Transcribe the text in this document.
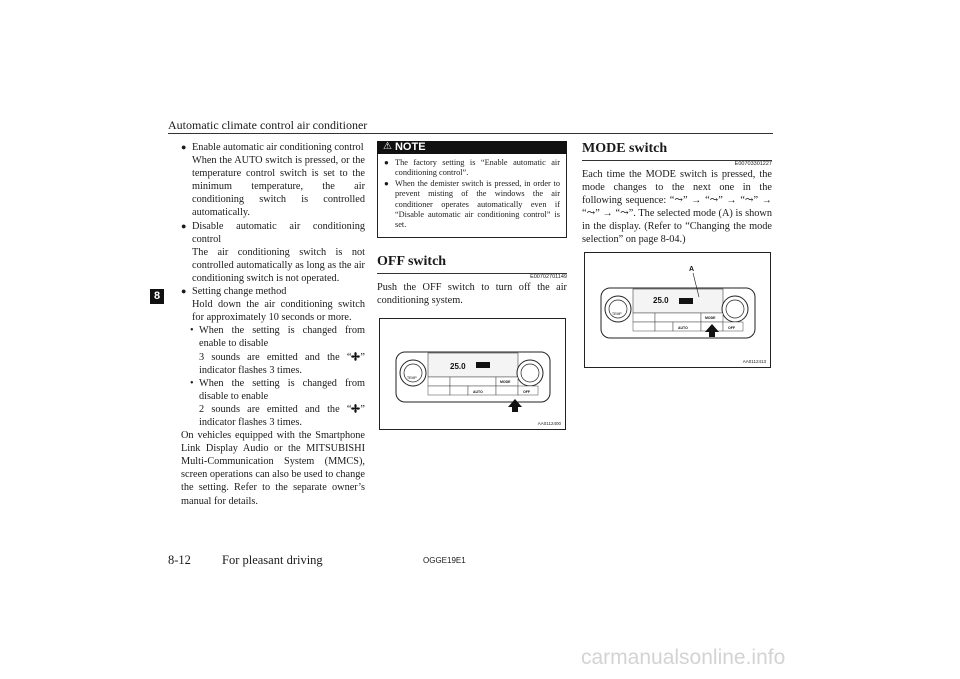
Automatic climate control air conditioner
8
● Enable automatic air conditioning control
When the AUTO switch is pressed, or the temperature control switch is set to the minimum temperature, the air conditioning switch is controlled automatically.
● Disable automatic air conditioning control
The air conditioning switch is not controlled automatically as long as the air conditioning switch is not operated.
● Setting change method
Hold down the air conditioning switch for approximately 10 seconds or more.
• When the setting is changed from enable to disable
3 sounds are emitted and the “ ” indicator flashes 3 times.
• When the setting is changed from disable to enable
2 sounds are emitted and the “ ” indicator flashes 3 times.
On vehicles equipped with the Smartphone Link Display Audio or the MITSUBISHI Multi-Communication System (MMCS), screen operations can also be used to change the setting. Refer to the separate owner’s manual for details.
⚠ NOTE
● The factory setting is “Enable automatic air conditioning control”.
● When the demister switch is pressed, in order to prevent misting of the windows the air conditioner operates automatically even if “Disable automatic air conditioning control” is set.
OFF switch
E00702701149
Push the OFF switch to turn off the air conditioning system.
25.0
TEMP
MODE
AUTO	OFF
AA0112400
MODE switch
E00703301227
Each time the MODE switch is pressed, the mode changes to the next one in the following sequence: “⤳” → “⤳” → “⤳” → “⤳” → “⤳”. The selected mode (A) is shown in the display. (Refer to “Changing the mode selection” on page 8-04.)
25.0
TEMP
MODE
AUTO	OFF
A
AA0112413
8-12 For pleasant driving	OGGE19E1
carmanualsonline.info
